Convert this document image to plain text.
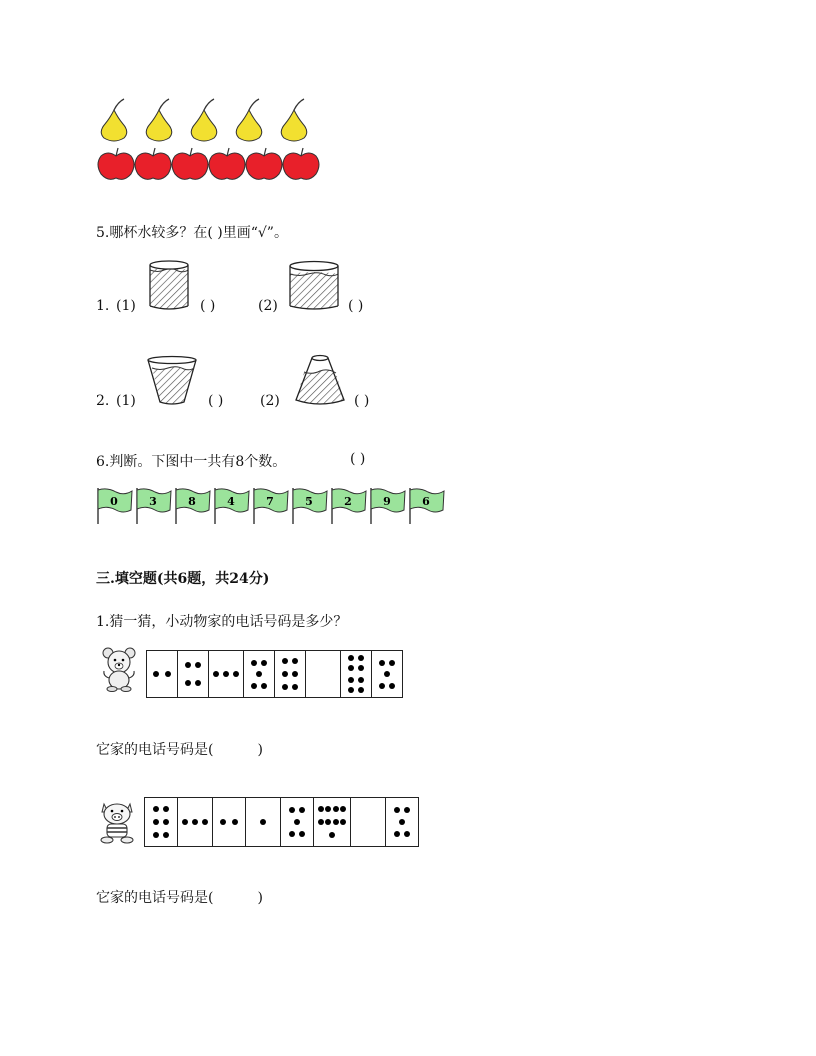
5.哪杯水较多？在( )里画“√”。
1. (1)	( )	(2)	( )
2. (1)	( )	(2)	( )
6.判断。下图中一共有8个数。	( )
0	3	8	4	7	5	2	9	6
三.填空题(共6题，共24分)
1.猜一猜，小动物家的电话号码是多少？
它家的电话号码是(	)
它家的电话号码是(	)
